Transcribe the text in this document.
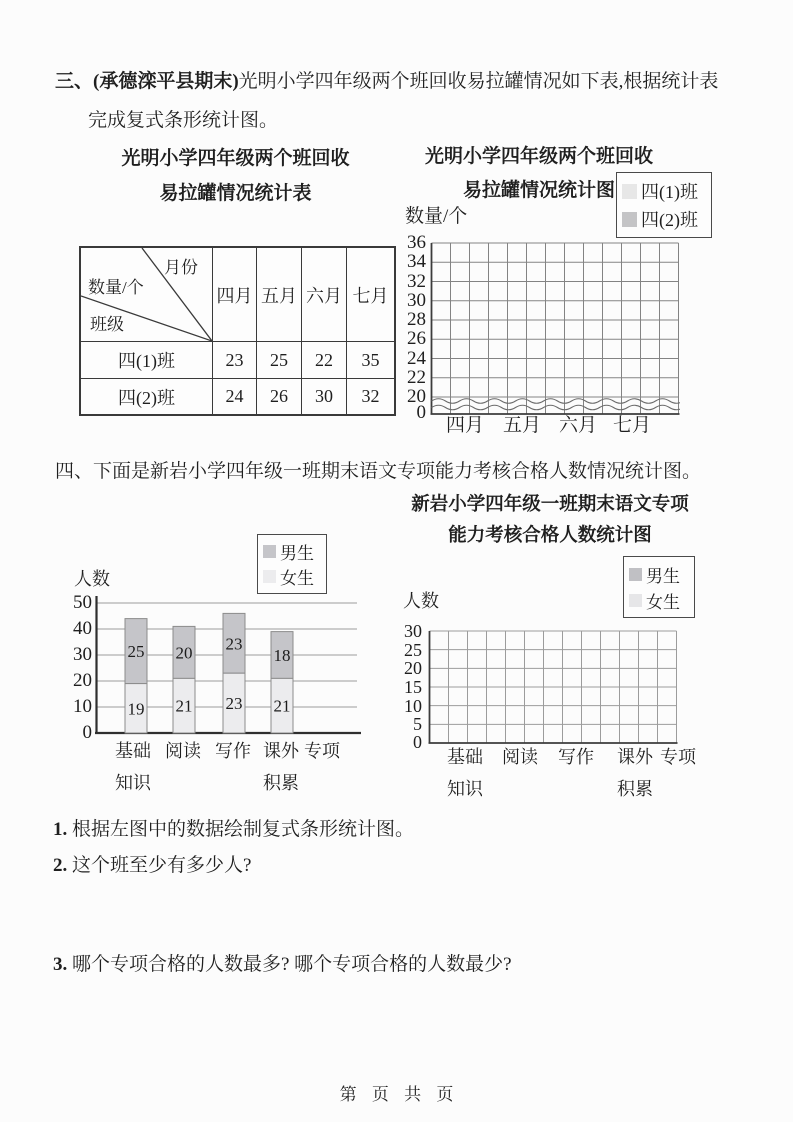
三、(承德滦平县期末)光明小学四年级两个班回收易拉罐情况如下表,根据统计表
完成复式条形统计图。
光明小学四年级两个班回收
易拉罐情况统计表
月份
数量/个
班级
四月 五月 六月 七月
四(1)班	23	25	22	35
四(2)班	24	26	30	32
光明小学四年级两个班回收
易拉罐情况统计图	四(1)班
四(2)班
数量/个
四、下面是新岩小学四年级一班期末语文专项能力考核合格人数情况统计图。
男生
女生
人数
25
19
20
21
23
23
18
21
新岩小学四年级一班期末语文专项
能力考核合格人数统计图
男生
女生
人数
1. 根据左图中的数据绘制复式条形统计图。
2. 这个班至少有多少人?
3. 哪个专项合格的人数最多? 哪个专项合格的人数最少?
第 页 共 页
36
34
32
30
28
26
24
22
20
0
四月 五月 六月 七月
50
40
30
20
10
0
基础 阅读 写作 课外 专项
知识	积累
30
25
20
15
10
5
0
基础	阅读	写作	课外 专项
知识	积累
